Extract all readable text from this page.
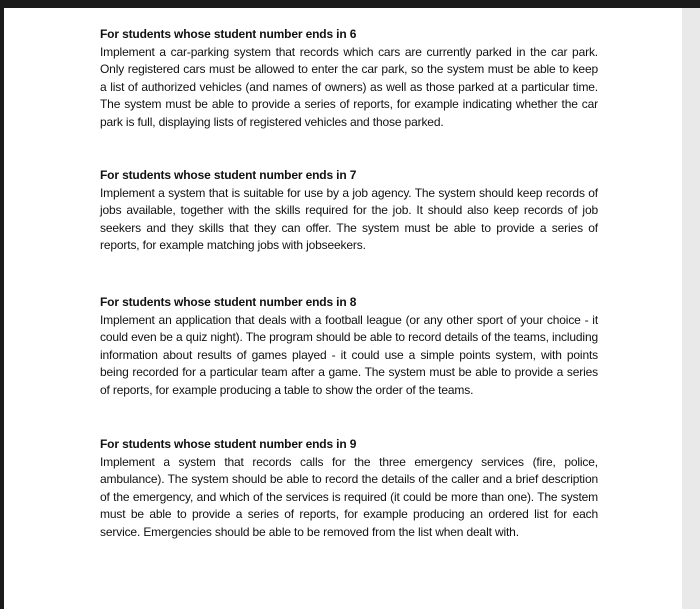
For students whose student number ends in 6
Implement a car-parking system that records which cars are currently parked in the car park. Only registered cars must be allowed to enter the car park, so the system must be able to keep a list of authorized vehicles (and names of owners) as well as those parked at a particular time. The system must be able to provide a series of reports, for example indicating whether the car park is full, displaying lists of registered vehicles and those parked.
For students whose student number ends in 7
Implement a system that is suitable for use by a job agency. The system should keep records of jobs available, together with the skills required for the job. It should also keep records of job seekers and they skills that they can offer. The system must be able to provide a series of reports, for example matching jobs with jobseekers.
For students whose student number ends in 8
Implement an application that deals with a football league (or any other sport of your choice - it could even be a quiz night). The program should be able to record details of the teams, including information about results of games played - it could use a simple points system, with points being recorded for a particular team after a game. The system must be able to provide a series of reports, for example producing a table to show the order of the teams.
For students whose student number ends in 9
Implement a system that records calls for the three emergency services (fire, police, ambulance). The system should be able to record the details of the caller and a brief description of the emergency, and which of the services is required (it could be more than one). The system must be able to provide a series of reports, for example producing an ordered list for each service. Emergencies should be able to be removed from the list when dealt with.
